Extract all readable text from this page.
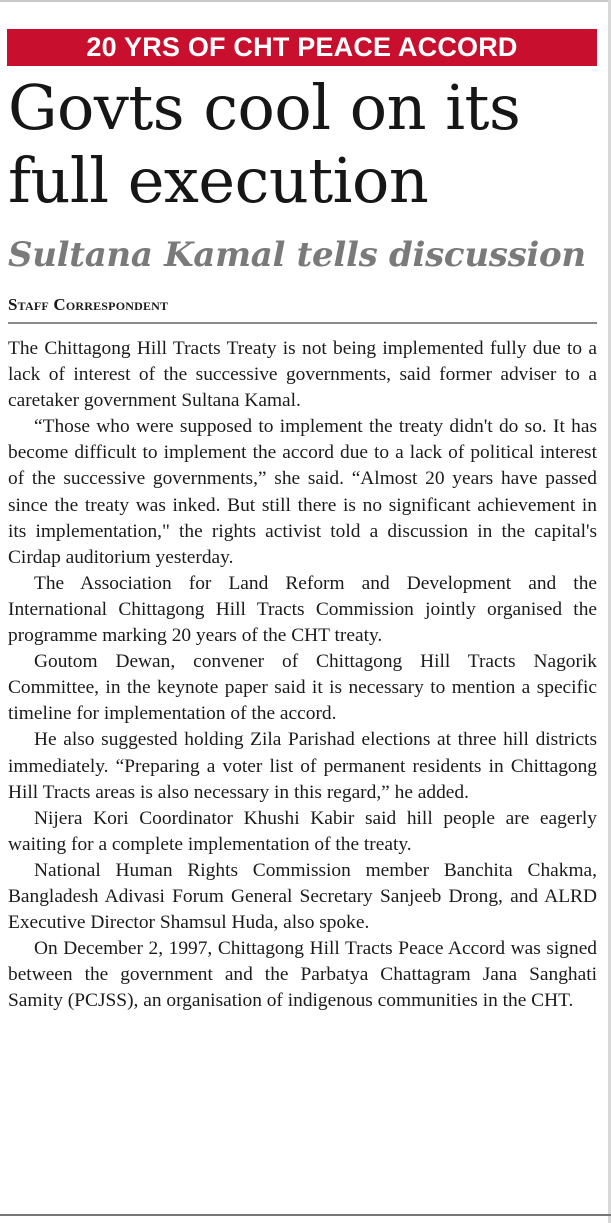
20 YRS OF CHT PEACE ACCORD
Govts cool on its full execution
Sultana Kamal tells discussion
Staff Correspondent

The Chittagong Hill Tracts Treaty is not being implemented fully due to a lack of interest of the successive governments, said former adviser to a caretaker government Sultana Kamal.

“Those who were supposed to implement the treaty didn't do so. It has become difficult to implement the accord due to a lack of political interest of the successive governments,” she said. “Almost 20 years have passed since the treaty was inked. But still there is no significant achievement in its implementation," the rights activist told a discussion in the capital's Cirdap auditorium yesterday.

The Association for Land Reform and Development and the International Chittagong Hill Tracts Commission jointly organised the programme marking 20 years of the CHT treaty.

Goutom Dewan, convener of Chittagong Hill Tracts Nagorik Committee, in the keynote paper said it is necessary to mention a specific timeline for implementation of the accord.

He also suggested holding Zila Parishad elections at three hill districts immediately. “Preparing a voter list of permanent residents in Chittagong Hill Tracts areas is also necessary in this regard,” he added.

Nijera Kori Coordinator Khushi Kabir said hill people are eagerly waiting for a complete implementation of the treaty.

National Human Rights Commission member Banchita Chakma, Bangladesh Adivasi Forum General Secretary Sanjeeb Drong, and ALRD Executive Director Shamsul Huda, also spoke.

On December 2, 1997, Chittagong Hill Tracts Peace Accord was signed between the government and the Parbatya Chattagram Jana Sanghati Samity (PCJSS), an organisation of indigenous communities in the CHT.
